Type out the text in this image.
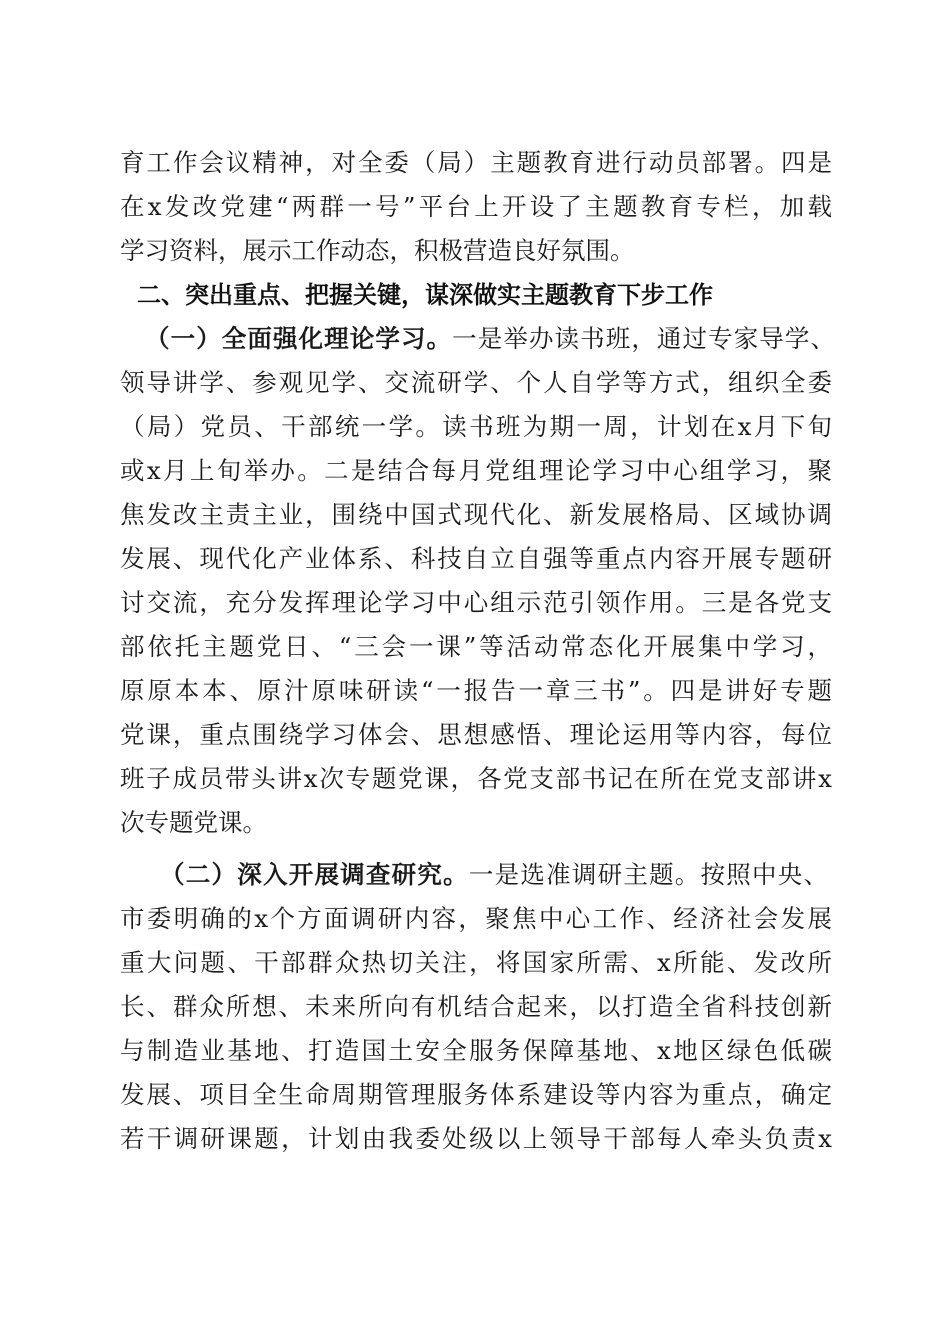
育工作会议精神，对全委（局）主题教育进行动员部署。四是
在x发改党建“两群一号”平台上开设了主题教育专栏，加载
学习资料，展示工作动态，积极营造良好氛围。
二、突出重点、把握关键，谋深做实主题教育下步工作
（一）全面强化理论学习。一是举办读书班，通过专家导学、
领导讲学、参观见学、交流研学、个人自学等方式，组织全委
（局）党员、干部统一学。读书班为期一周，计划在x月下旬
或x月上旬举办。二是结合每月党组理论学习中心组学习，聚
焦发改主责主业，围绕中国式现代化、新发展格局、区域协调
发展、现代化产业体系、科技自立自强等重点内容开展专题研
讨交流，充分发挥理论学习中心组示范引领作用。三是各党支
部依托主题党日、“三会一课”等活动常态化开展集中学习，
原原本本、原汁原味研读“一报告一章三书”。四是讲好专题
党课，重点围绕学习体会、思想感悟、理论运用等内容，每位
班子成员带头讲x次专题党课，各党支部书记在所在党支部讲x
次专题党课。
（二）深入开展调查研究。一是选准调研主题。按照中央、
市委明确的x个方面调研内容，聚焦中心工作、经济社会发展
重大问题、干部群众热切关注，将国家所需、x所能、发改所
长、群众所想、未来所向有机结合起来，以打造全省科技创新
与制造业基地、打造国土安全服务保障基地、x地区绿色低碳
发展、项目全生命周期管理服务体系建设等内容为重点，确定
若干调研课题，计划由我委处级以上领导干部每人牵头负责x
